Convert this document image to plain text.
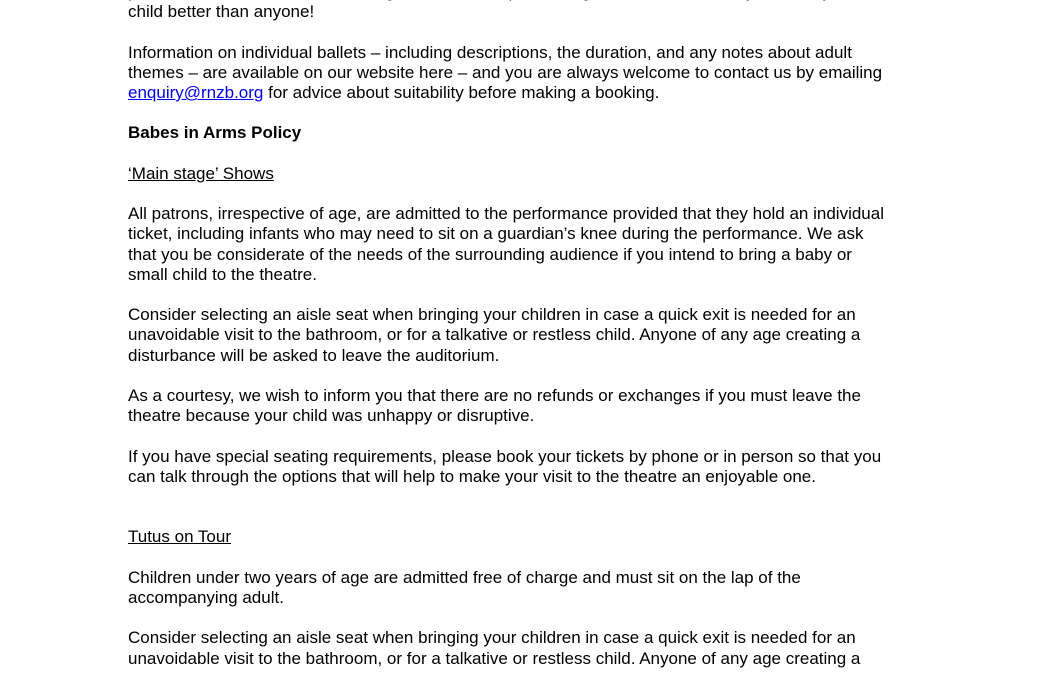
child better than anyone!

Information on individual ballets – including descriptions, the duration, and any notes about adult
themes – are available on our website here – and you are always welcome to contact us by emailing
enquiry@rnzb.org for advice about suitability before making a booking.

Babes in Arms Policy

‘Main stage’ Shows

All patrons, irrespective of age, are admitted to the performance provided that they hold an individual
ticket, including infants who may need to sit on a guardian’s knee during the performance. We ask
that you be considerate of the needs of the surrounding audience if you intend to bring a baby or
small child to the theatre.

Consider selecting an aisle seat when bringing your children in case a quick exit is needed for an
unavoidable visit to the bathroom, or for a talkative or restless child. Anyone of any age creating a
disturbance will be asked to leave the auditorium.

As a courtesy, we wish to inform you that there are no refunds or exchanges if you must leave the
theatre because your child was unhappy or disruptive.

If you have special seating requirements, please book your tickets by phone or in person so that you
can talk through the options that will help to make your visit to the theatre an enjoyable one.

Tutus on Tour

Children under two years of age are admitted free of charge and must sit on the lap of the
accompanying adult.

Consider selecting an aisle seat when bringing your children in case a quick exit is needed for an
unavoidable visit to the bathroom, or for a talkative or restless child. Anyone of any age creating a
